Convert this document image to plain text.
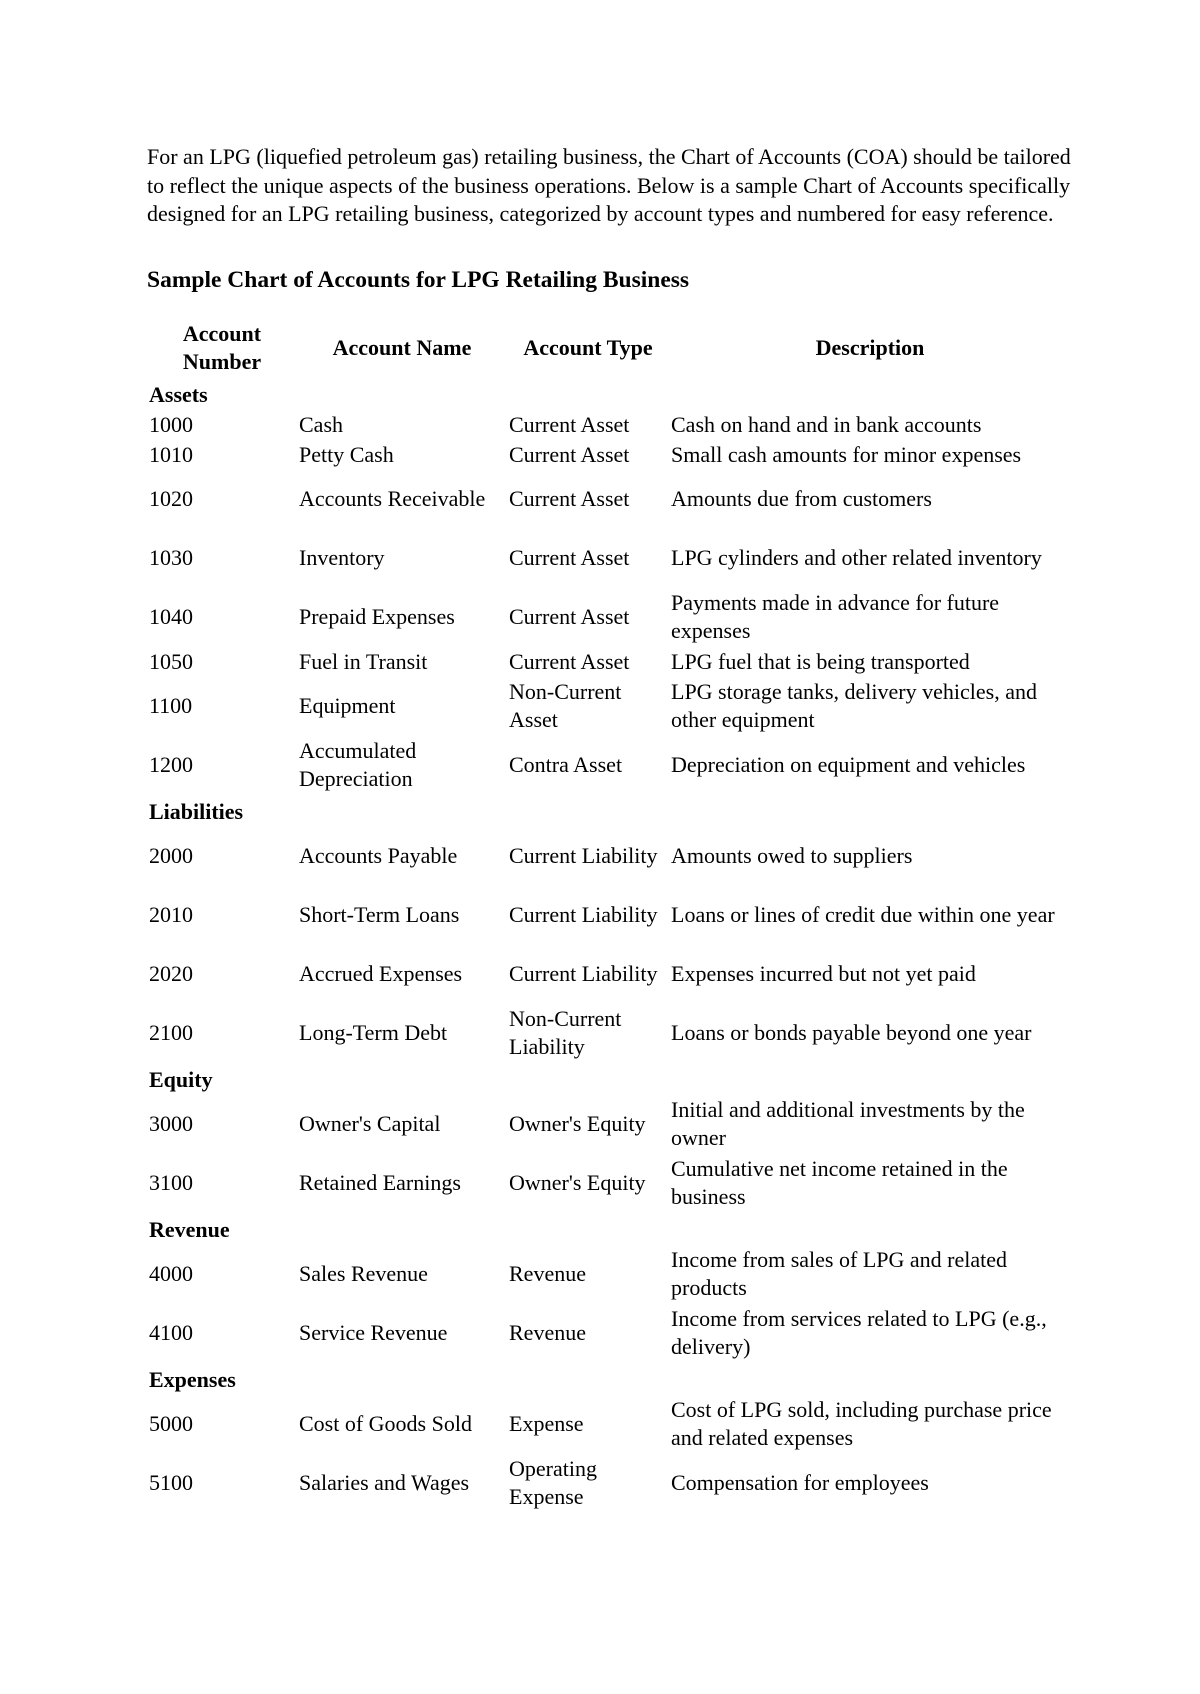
For an LPG (liquefied petroleum gas) retailing business, the Chart of Accounts (COA) should be tailored to reflect the unique aspects of the business operations. Below is a sample Chart of Accounts specifically designed for an LPG retailing business, categorized by account types and numbered for easy reference.

Sample Chart of Accounts for LPG Retailing Business
Account Number	Account Name	Account Type	Description
Assets			
1000	Cash	Current Asset	Cash on hand and in bank accounts
1010	Petty Cash	Current Asset	Small cash amounts for minor expenses
1020	Accounts Receivable	Current Asset	Amounts due from customers
1030	Inventory	Current Asset	LPG cylinders and other related inventory
1040	Prepaid Expenses	Current Asset	Payments made in advance for future expenses
1050	Fuel in Transit	Current Asset	LPG fuel that is being transported
1100	Equipment	Non-Current Asset	LPG storage tanks, delivery vehicles, and other equipment
1200	Accumulated Depreciation	Contra Asset	Depreciation on equipment and vehicles
Liabilities			
2000	Accounts Payable	Current Liability	Amounts owed to suppliers
2010	Short-Term Loans	Current Liability	Loans or lines of credit due within one year
2020	Accrued Expenses	Current Liability	Expenses incurred but not yet paid
2100	Long-Term Debt	Non-Current Liability	Loans or bonds payable beyond one year
Equity			
3000	Owner's Capital	Owner's Equity	Initial and additional investments by the owner
3100	Retained Earnings	Owner's Equity	Cumulative net income retained in the business
Revenue			
4000	Sales Revenue	Revenue	Income from sales of LPG and related products
4100	Service Revenue	Revenue	Income from services related to LPG (e.g., delivery)
Expenses			
5000	Cost of Goods Sold	Expense	Cost of LPG sold, including purchase price and related expenses
5100	Salaries and Wages	Operating Expense	Compensation for employees
